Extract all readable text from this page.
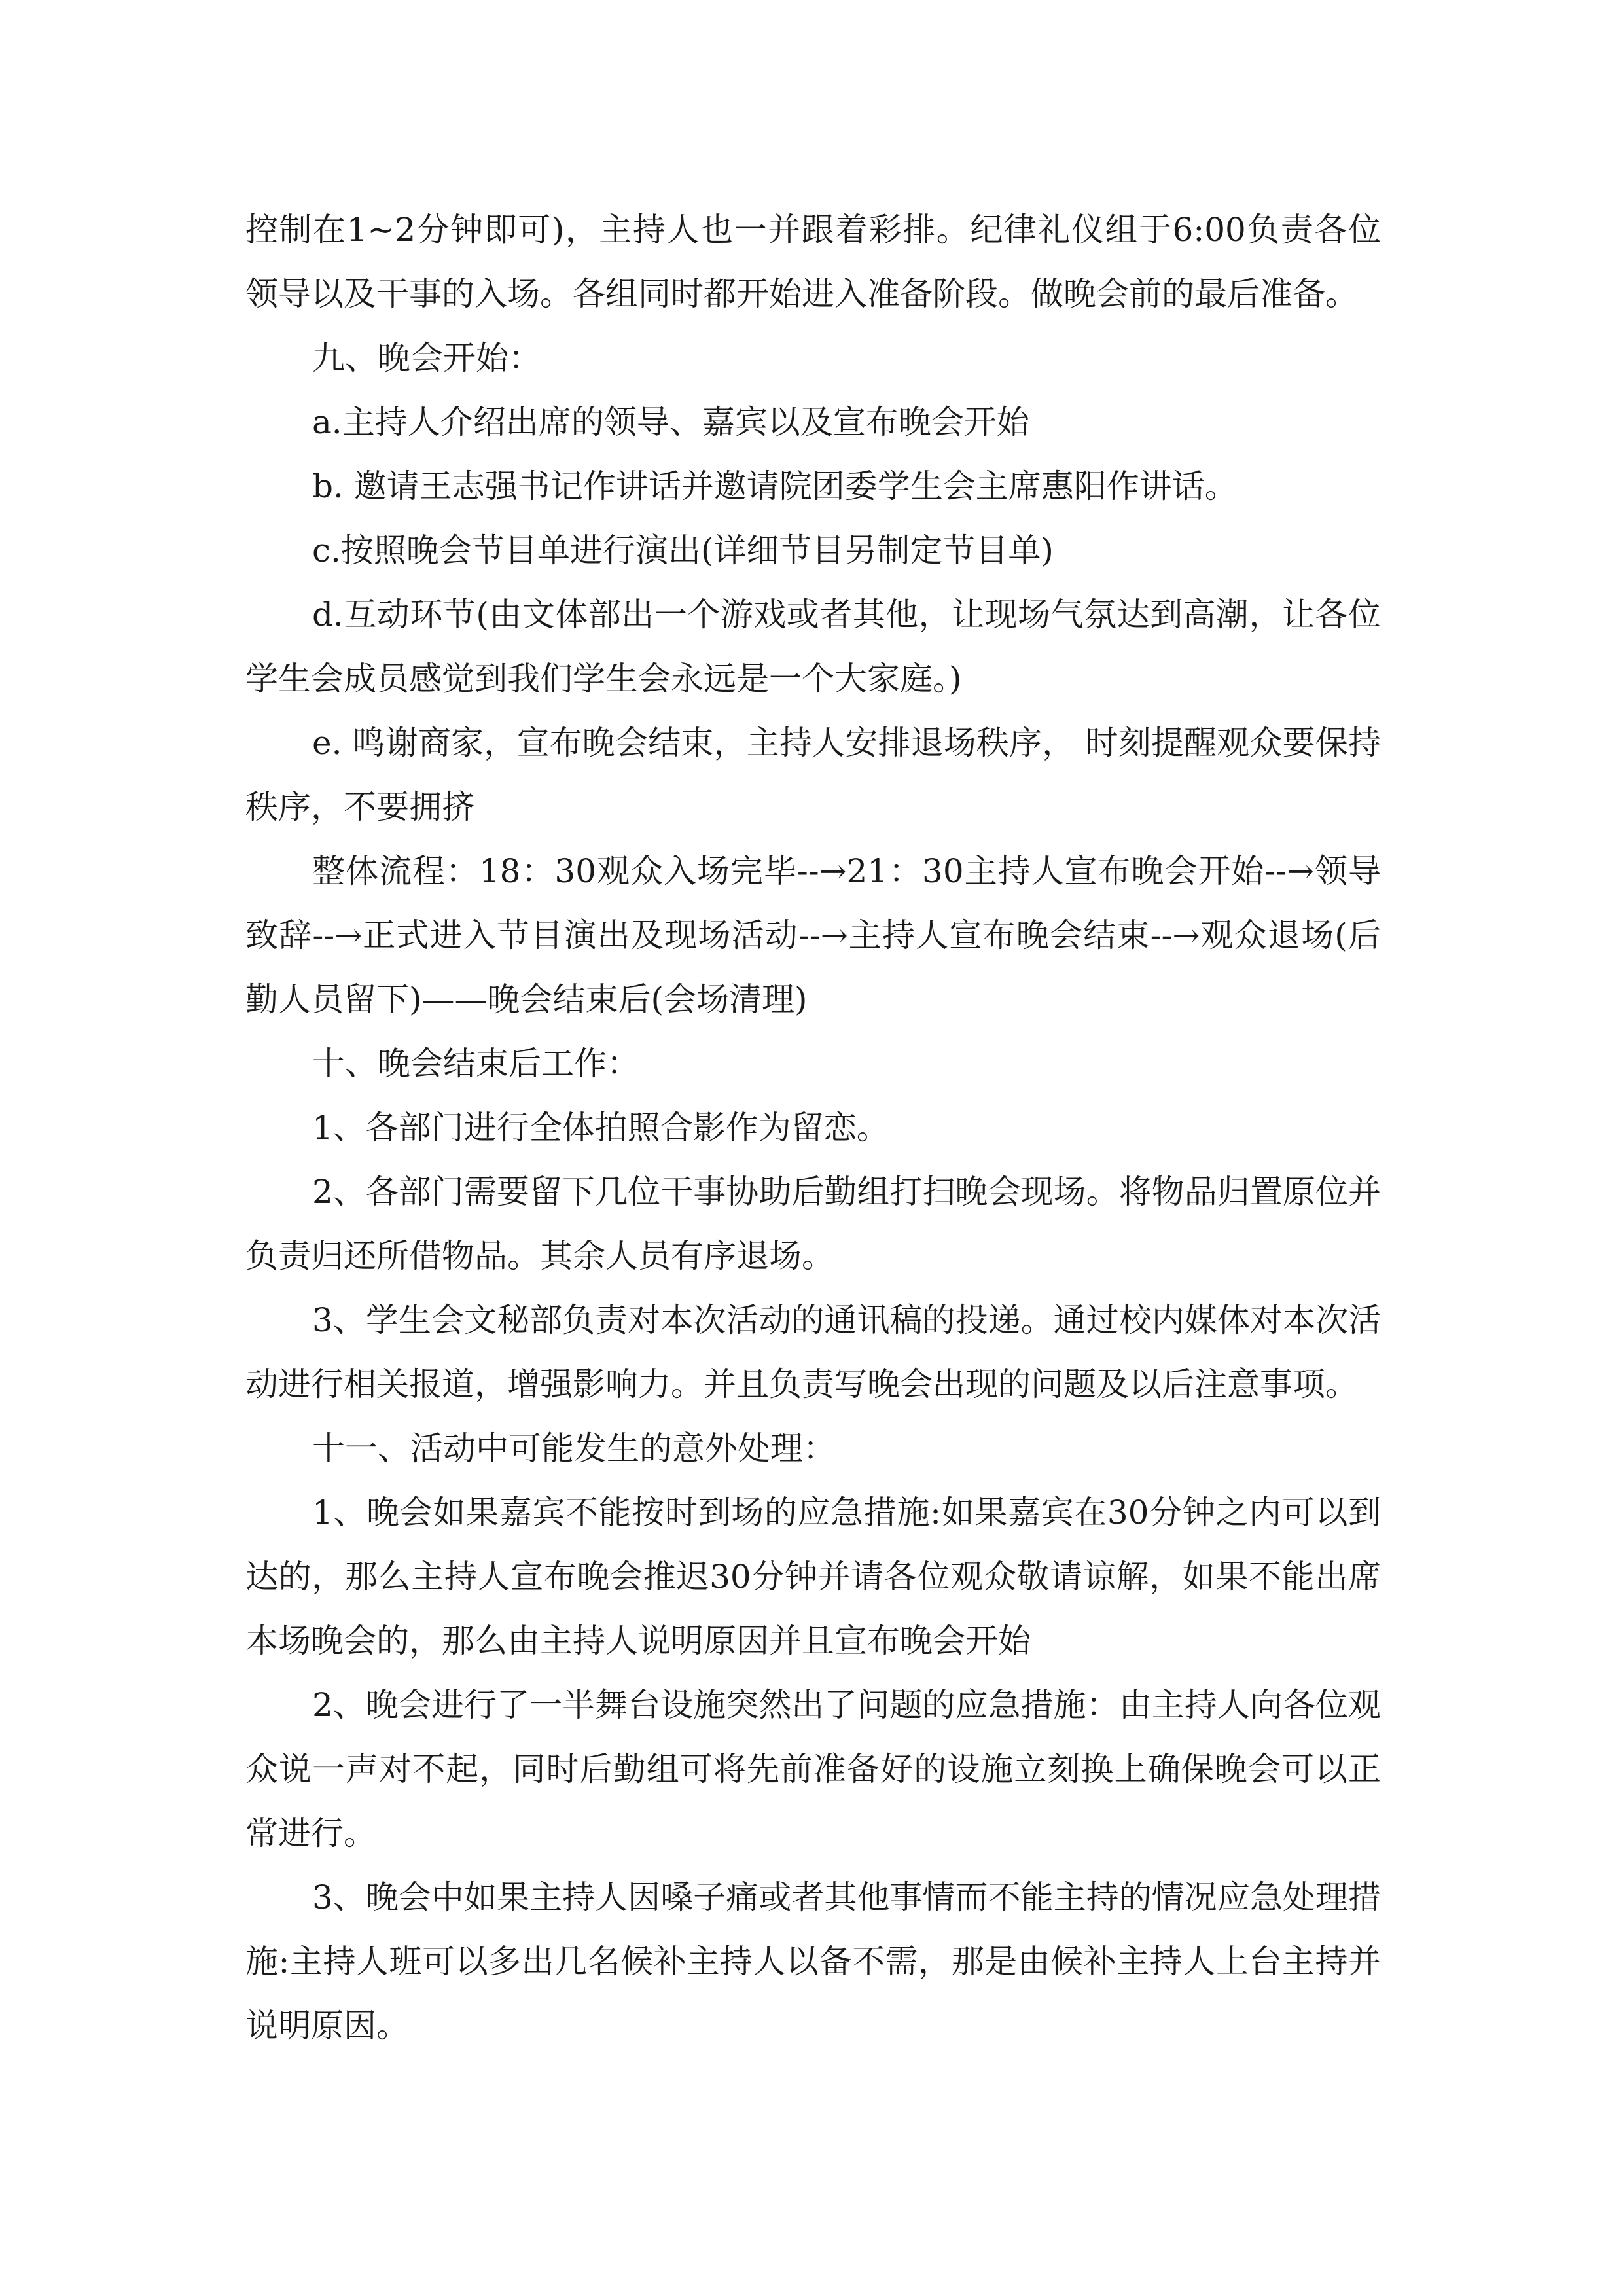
控制在1~2分钟即可)，主持人也一并跟着彩排。纪律礼仪组于6:00负责各位领导以及干事的入场。各组同时都开始进入准备阶段。做晚会前的最后准备。

九、晚会开始：

a.主持人介绍出席的领导、嘉宾以及宣布晚会开始

b. 邀请王志强书记作讲话并邀请院团委学生会主席惠阳作讲话。

c.按照晚会节目单进行演出(详细节目另制定节目单)

d.互动环节(由文体部出一个游戏或者其他，让现场气氛达到高潮，让各位学生会成员感觉到我们学生会永远是一个大家庭。)

e. 鸣谢商家，宣布晚会结束，主持人安排退场秩序， 时刻提醒观众要保持秩序，不要拥挤

整体流程：18：30观众入场完毕--→21：30主持人宣布晚会开始--→领导致辞--→正式进入节目演出及现场活动--→主持人宣布晚会结束--→观众退场(后勤人员留下)——晚会结束后(会场清理)

十、晚会结束后工作：

1、各部门进行全体拍照合影作为留恋。

2、各部门需要留下几位干事协助后勤组打扫晚会现场。将物品归置原位并负责归还所借物品。其余人员有序退场。

3、学生会文秘部负责对本次活动的通讯稿的投递。通过校内媒体对本次活动进行相关报道，增强影响力。并且负责写晚会出现的问题及以后注意事项。

十一、活动中可能发生的意外处理：

1、晚会如果嘉宾不能按时到场的应急措施:如果嘉宾在30分钟之内可以到达的，那么主持人宣布晚会推迟30分钟并请各位观众敬请谅解，如果不能出席本场晚会的，那么由主持人说明原因并且宣布晚会开始

2、晚会进行了一半舞台设施突然出了问题的应急措施：由主持人向各位观众说一声对不起，同时后勤组可将先前准备好的设施立刻换上确保晚会可以正常进行。

3、晚会中如果主持人因嗓子痛或者其他事情而不能主持的情况应急处理措施:主持人班可以多出几名候补主持人以备不需，那是由候补主持人上台主持并说明原因。
